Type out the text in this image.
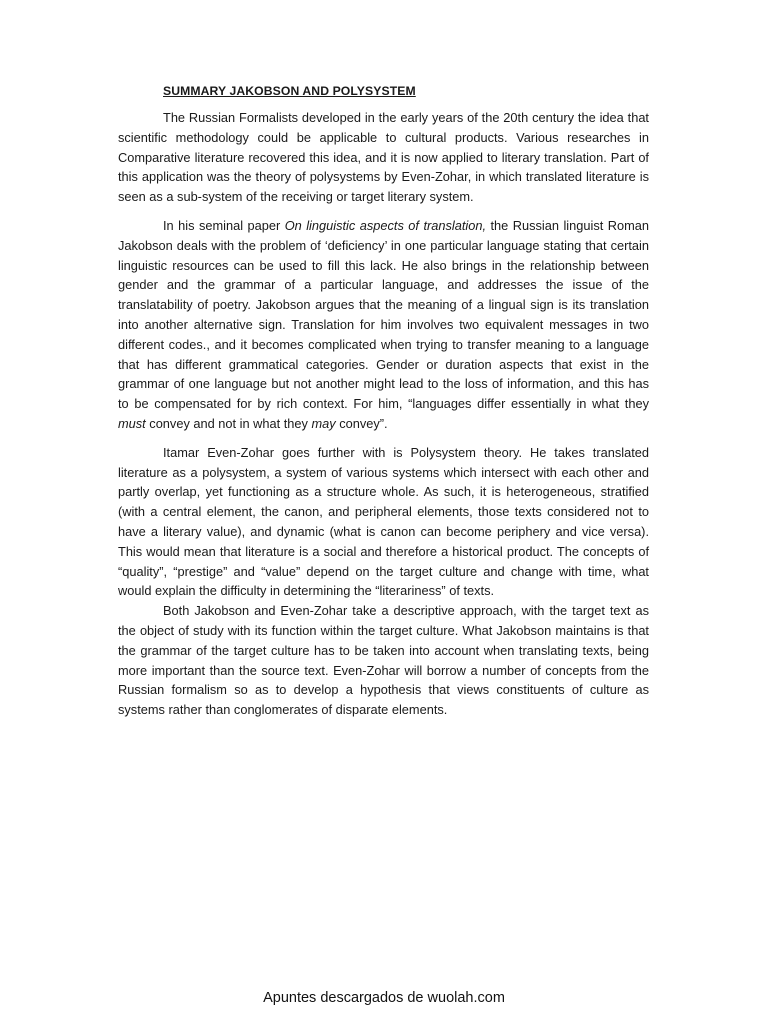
SUMMARY JAKOBSON AND POLYSYSTEM

The Russian Formalists developed in the early years of the 20th century the idea that scientific methodology could be applicable to cultural products. Various researches in Comparative literature recovered this idea, and it is now applied to literary translation. Part of this application was the theory of polysystems by Even-Zohar, in which translated literature is seen as a sub-system of the receiving or target literary system.

In his seminal paper On linguistic aspects of translation, the Russian linguist Roman Jakobson deals with the problem of ‘deficiency’ in one particular language stating that certain linguistic resources can be used to fill this lack. He also brings in the relationship between gender and the grammar of a particular language, and addresses the issue of the translatability of poetry. Jakobson argues that the meaning of a lingual sign is its translation into another alternative sign. Translation for him involves two equivalent messages in two different codes., and it becomes complicated when trying to transfer meaning to a language that has different grammatical categories. Gender or duration aspects that exist in the grammar of one language but not another might lead to the loss of information, and this has to be compensated for by rich context. For him, “languages differ essentially in what they must convey and not in what they may convey”.

Itamar Even-Zohar goes further with is Polysystem theory. He takes translated literature as a polysystem, a system of various systems which intersect with each other and partly overlap, yet functioning as a structure whole. As such, it is heterogeneous, stratified (with a central element, the canon, and peripheral elements, those texts considered not to have a literary value), and dynamic (what is canon can become periphery and vice versa). This would mean that literature is a social and therefore a historical product. The concepts of “quality”, “prestige” and “value” depend on the target culture and change with time, what would explain the difficulty in determining the “literariness” of texts.

Both Jakobson and Even-Zohar take a descriptive approach, with the target text as the object of study with its function within the target culture. What Jakobson maintains is that the grammar of the target culture has to be taken into account when translating texts, being more important than the source text. Even-Zohar will borrow a number of concepts from the Russian formalism so as to develop a hypothesis that views constituents of culture as systems rather than conglomerates of disparate elements.

Apuntes descargados de wuolah.com
